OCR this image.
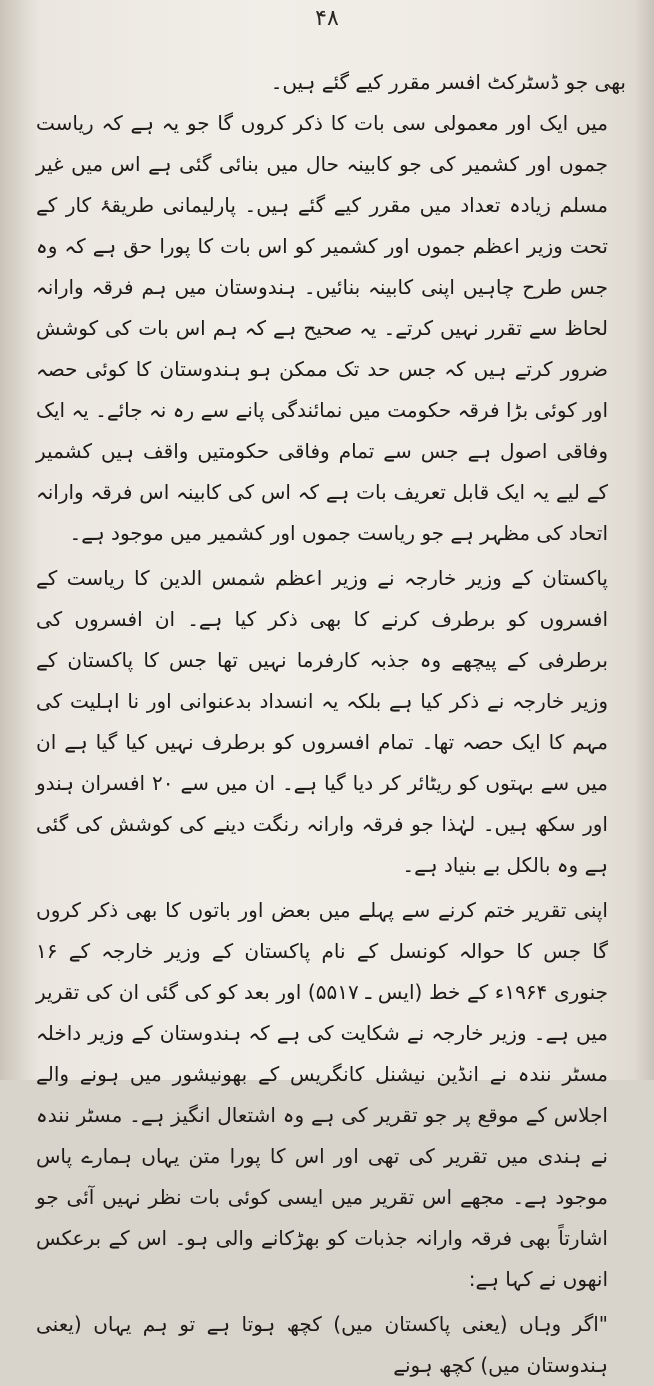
۴۸

بھی جو ڈسٹرکٹ افسر مقرر کیے گئے ہیں۔

میں ایک اور معمولی سی بات کا ذکر کروں گا جو یہ ہے کہ ریاست جموں اور کشمیر کی جو کابینہ حال میں بنائی گئی ہے اس میں غیر مسلم زیادہ تعداد میں مقرر کیے گئے ہیں۔ پارلیمانی طریقۂ کار کے تحت وزیر اعظم جموں اور کشمیر کو اس بات کا پورا حق ہے کہ وہ جس طرح چاہیں اپنی کابینہ بنائیں۔ ہندوستان میں ہم فرقہ وارانہ لحاظ سے تقرر نہیں کرتے۔ یہ صحیح ہے کہ ہم اس بات کی کوشش ضرور کرتے ہیں کہ جس حد تک ممکن ہو ہندوستان کا کوئی حصہ اور کوئی بڑا فرقہ حکومت میں نمائندگی پانے سے رہ نہ جائے۔ یہ ایک وفاقی اصول ہے جس سے تمام وفاقی حکومتیں واقف ہیں کشمیر کے لیے یہ ایک قابل تعریف بات ہے کہ اس کی کابینہ اس فرقہ وارانہ اتحاد کی مظہر ہے جو ریاست جموں اور کشمیر میں موجود ہے۔

پاکستان کے وزیر خارجہ نے وزیر اعظم شمس الدین کا ریاست کے افسروں کو برطرف کرنے کا بھی ذکر کیا ہے۔ ان افسروں کی برطرفی کے پیچھے وہ جذبہ کارفرما نہیں تھا جس کا پاکستان کے وزیر خارجہ نے ذکر کیا ہے بلکہ یہ انسداد بدعنوانی اور نا اہلیت کی مہم کا ایک حصہ تھا۔ تمام افسروں کو برطرف نہیں کیا گیا ہے ان میں سے بہتوں کو ریٹائر کر دیا گیا ہے۔ ان میں سے ۲۰ افسران ہندو اور سکھ ہیں۔ لہٰذا جو فرقہ وارانہ رنگت دینے کی کوشش کی گئی ہے وہ بالکل بے بنیاد ہے۔

اپنی تقریر ختم کرنے سے پہلے میں بعض اور باتوں کا بھی ذکر کروں گا جس کا حوالہ کونسل کے نام پاکستان کے وزیر خارجہ کے ۱۶ جنوری ۱۹۶۴ء کے خط (ایس ـ ۵۵۱۷) اور بعد کو کی گئی ان کی تقریر میں ہے۔ وزیر خارجہ نے شکایت کی ہے کہ ہندوستان کے وزیر داخلہ مسٹر نندہ نے انڈین نیشنل کانگریس کے بھونیشور میں ہونے والے اجلاس کے موقع پر جو تقریر کی ہے وہ اشتعال انگیز ہے۔ مسٹر نندہ نے ہندی میں تقریر کی تھی اور اس کا پورا متن یہاں ہمارے پاس موجود ہے۔ مجھے اس تقریر میں ایسی کوئی بات نظر نہیں آئی جو اشارتاً بھی فرقہ وارانہ جذبات کو بھڑکانے والی ہو۔ اس کے برعکس انھوں نے کہا ہے:

"اگر وہاں (یعنی پاکستان میں) کچھ ہوتا ہے تو ہم یہاں (یعنی ہندوستان میں) کچھ ہونے
